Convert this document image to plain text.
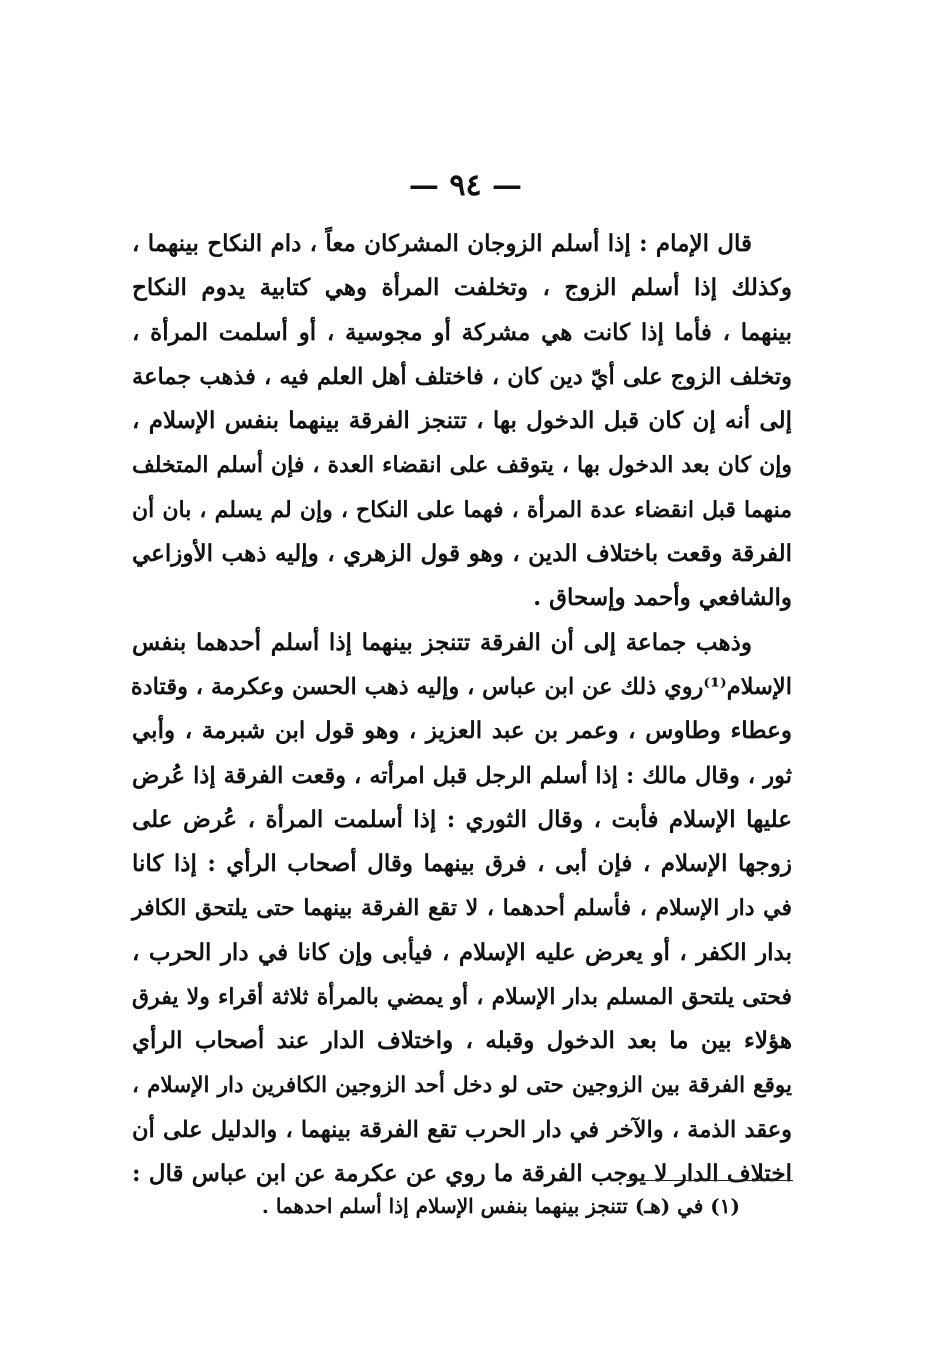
— ٩٤ —
قال الإمام : إذا أسلم الزوجان المشركان معاً ، دام النكاح بينهما ،
وكذلك إذا أسلم الزوج ، وتخلفت المرأة وهي كتابية يدوم النكاح
بينهما ، فأما إذا كانت هي مشركة أو مجوسية ، أو أسلمت المرأة ،
وتخلف الزوج على أيّ دين كان ، فاختلف أهل العلم فيه ، فذهب جماعة
إلى أنه إن كان قبل الدخول بها ، تتنجز الفرقة بينهما بنفس الإسلام ،
وإن كان بعد الدخول بها ، يتوقف على انقضاء العدة ، فإن أسلم المتخلف
منهما قبل انقضاء عدة المرأة ، فهما على النكاح ، وإن لم يسلم ، بان أن
الفرقة وقعت باختلاف الدين ، وهو قول الزهري ، وإليه ذهب الأوزاعي
والشافعي وأحمد وإسحاق .
وذهب جماعة إلى أن الفرقة تتنجز بينهما إذا أسلم أحدهما بنفس
الإسلام⁽¹⁾روي ذلك عن ابن عباس ، وإليه ذهب الحسن وعكرمة ، وقتادة
وعطاء وطاوس ، وعمر بن عبد العزيز ، وهو قول ابن شبرمة ، وأبي
ثور ، وقال مالك : إذا أسلم الرجل قبل امرأته ، وقعت الفرقة إذا عُرض
عليها الإسلام فأبت ، وقال الثوري : إذا أسلمت المرأة ، عُرض على
زوجها الإسلام ، فإن أبى ، فرق بينهما وقال أصحاب الرأي : إذا كانا
في دار الإسلام ، فأسلم أحدهما ، لا تقع الفرقة بينهما حتى يلتحق الكافر
بدار الكفر ، أو يعرض عليه الإسلام ، فيأبى وإن كانا في دار الحرب ،
فحتى يلتحق المسلم بدار الإسلام ، أو يمضي بالمرأة ثلاثة أقراء ولا يفرق
هؤلاء بين ما بعد الدخول وقبله ، واختلاف الدار عند أصحاب الرأي
يوقع الفرقة بين الزوجين حتى لو دخل أحد الزوجين الكافرين دار الإسلام ،
وعقد الذمة ، والآخر في دار الحرب تقع الفرقة بينهما ، والدليل على أن
اختلاف الدار لا يوجب الفرقة ما روي عن عكرمة عن ابن عباس قال :
(١) في (هـ) تتنجز بينهما بنفس الإسلام إذا أسلم احدهما .
